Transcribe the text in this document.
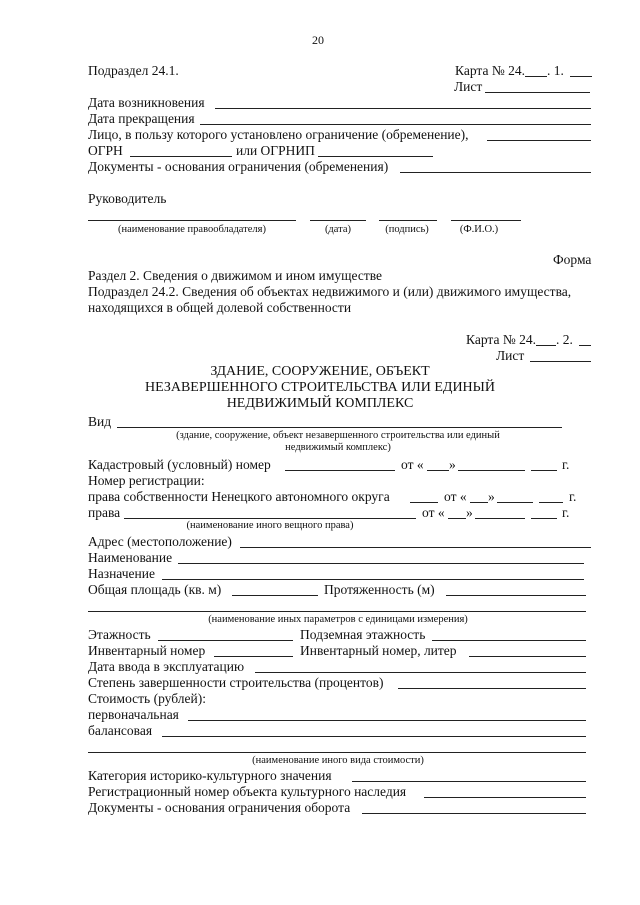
20
Подраздел 24.1.	Карта № 24. . 1.
Лист
Дата возникновения
Дата прекращения
Лицо, в пользу которого установлено ограничение (обременение),
ОГРН	или ОГРНИП
Документы - основания ограничения (обременения)
Руководитель
(наименование правообладателя)	(дата)	(подпись)	(Ф.И.О.)
Форма
Раздел 2. Сведения о движимом и ином имуществе
Подраздел 24.2. Сведения об объектах недвижимого и (или) движимого имущества,
находящихся в общей долевой собственности
Карта № 24. . 2.
Лист
ЗДАНИЕ, СООРУЖЕНИЕ, ОБЪЕКТ
НЕЗАВЕРШЕННОГО СТРОИТЕЛЬСТВА ИЛИ ЕДИНЫЙ
НЕДВИЖИМЫЙ КОМПЛЕКС
Вид
(здание, сооружение, объект незавершенного строительства или единый
недвижимый комплекс)
Кадастровый (условный) номер	от « »	г.
Номер регистрации:
права собственности Ненецкого автономного округа	от « »	г.
права	от « »	г.
(наименование иного вещного права)
Адрес (местоположение)
Наименование
Назначение
Общая площадь (кв. м)	Протяженность (м)
(наименование иных параметров с единицами измерения)
Этажность	Подземная этажность
Инвентарный номер	Инвентарный номер, литер
Дата ввода в эксплуатацию
Степень завершенности строительства (процентов)
Стоимость (рублей):
первоначальная
балансовая
(наименование иного вида стоимости)
Категория историко-культурного значения
Регистрационный номер объекта культурного наследия
Документы - основания ограничения оборота
